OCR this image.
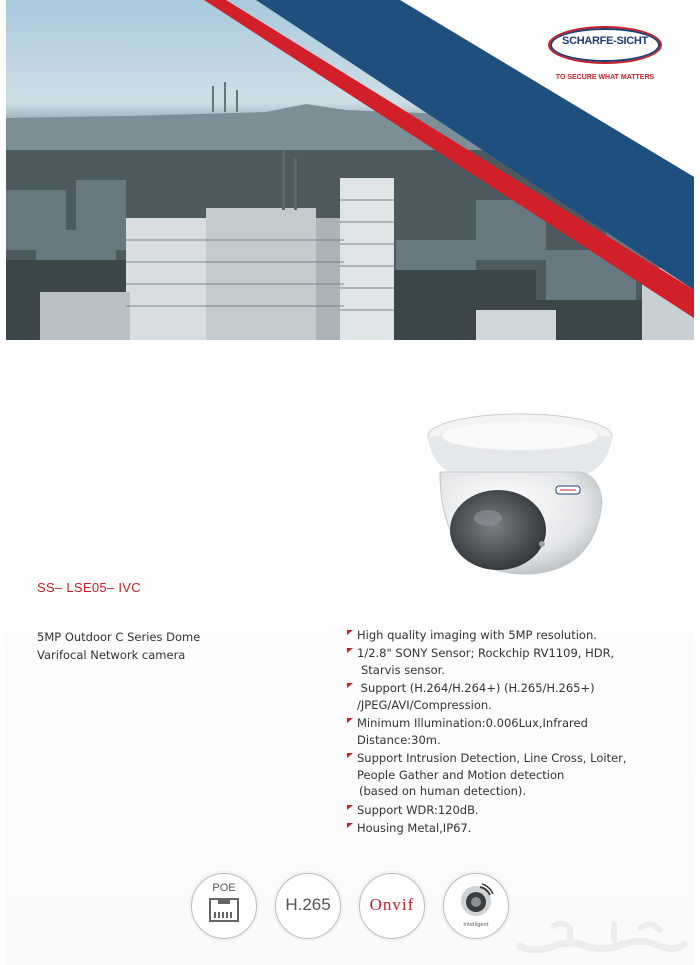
SCHARFE-SICHT
TO SECURE WHAT MATTERS
SS– LSE05– IVC
5MP Outdoor C Series Dome
Varifocal Network camera
High quality imaging with 5MP resolution.
1/2.8" SONY Sensor; Rockchip RV1109, HDR,
Starvis sensor.
Support (H.264/H.264+) (H.265/H.265+)
/JPEG/AVI/Compression.
Minimum Illumination:0.006Lux,Infrared
Distance:30m.
Support Intrusion Detection, Line Cross, Loiter,
People Gather and Motion detection
(based on human detection).
Support WDR:120dB.
Housing Metal,IP67.
POE
H.265	Onvif
Intelligent
